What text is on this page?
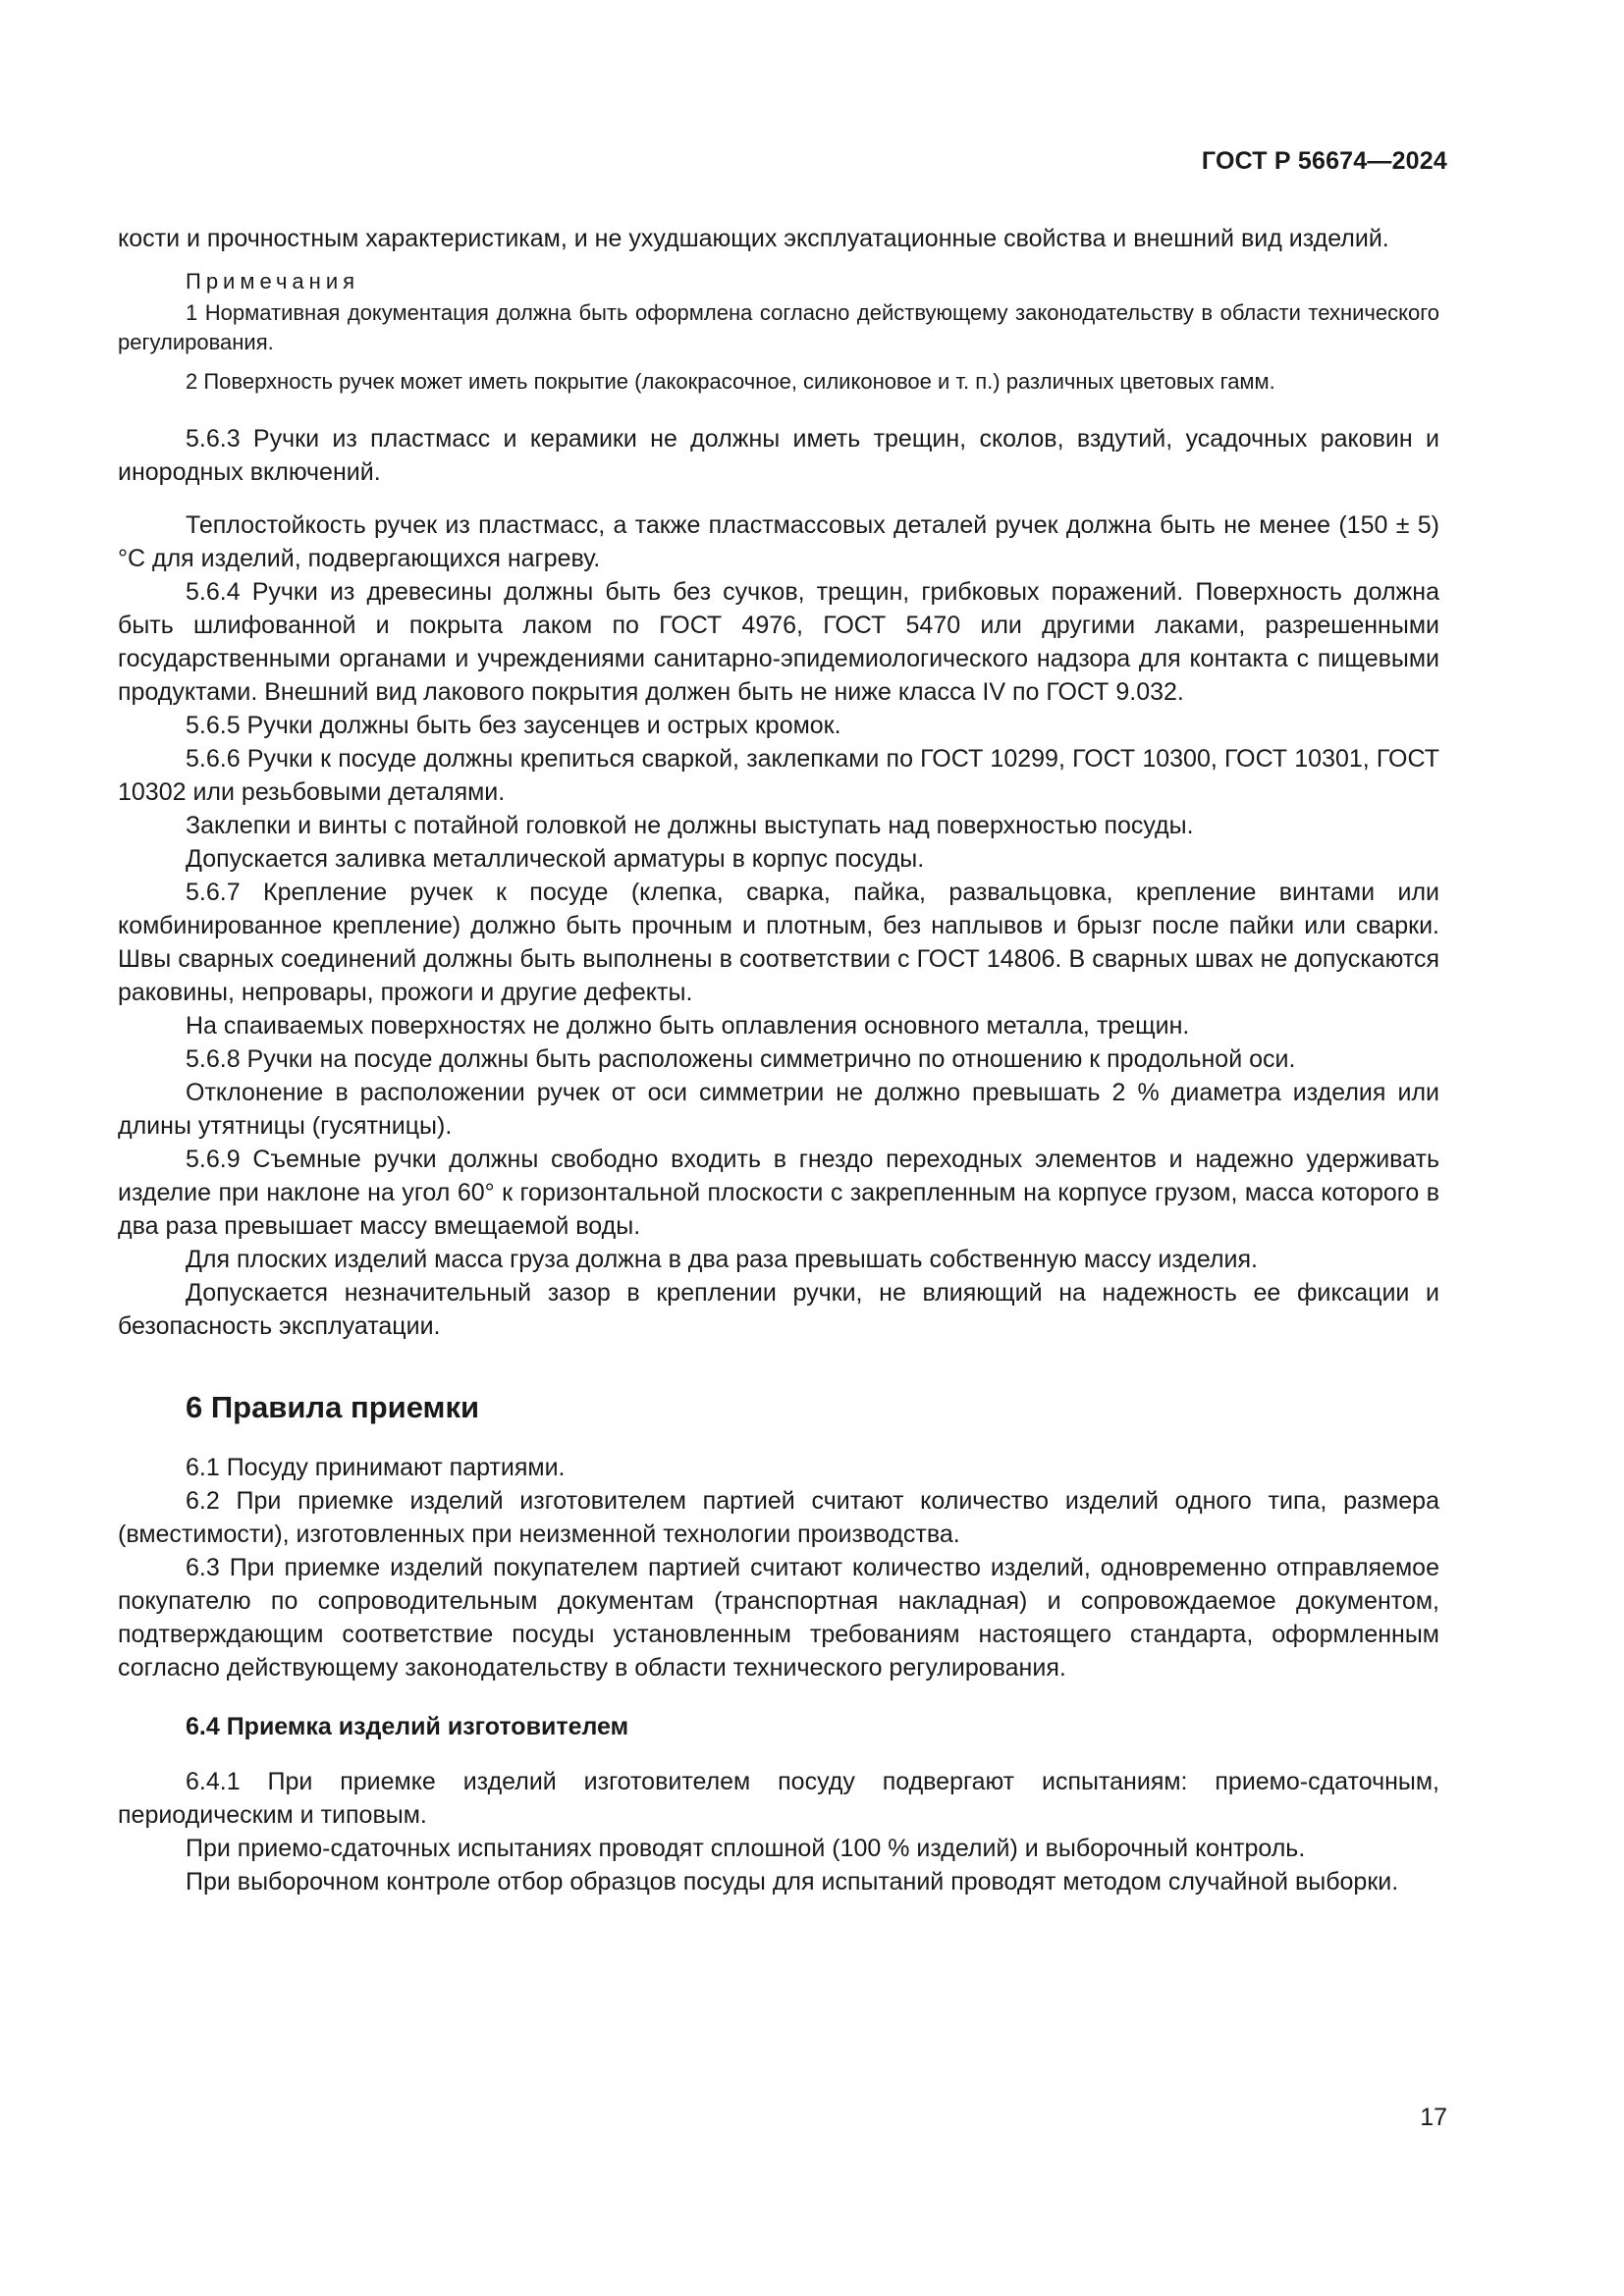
ГОСТ Р 56674—2024

кости и прочностным характеристикам, и не ухудшающих эксплуатационные свойства и внешний вид изделий.

Примечания

1 Нормативная документация должна быть оформлена согласно действующему законодательству в области технического регулирования.

2 Поверхность ручек может иметь покрытие (лакокрасочное, силиконовое и т. п.) различных цветовых гамм.

5.6.3 Ручки из пластмасс и керамики не должны иметь трещин, сколов, вздутий, усадочных раковин и инородных включений.

Теплостойкость ручек из пластмасс, а также пластмассовых деталей ручек должна быть не менее (150 ± 5) °С для изделий, подвергающихся нагреву.

5.6.4 Ручки из древесины должны быть без сучков, трещин, грибковых поражений. Поверхность должна быть шлифованной и покрыта лаком по ГОСТ 4976, ГОСТ 5470 или другими лаками, разрешенными государственными органами и учреждениями санитарно-эпидемиологического надзора для контакта с пищевыми продуктами. Внешний вид лакового покрытия должен быть не ниже класса IV по ГОСТ 9.032.

5.6.5 Ручки должны быть без заусенцев и острых кромок.

5.6.6 Ручки к посуде должны крепиться сваркой, заклепками по ГОСТ 10299, ГОСТ 10300, ГОСТ 10301, ГОСТ 10302 или резьбовыми деталями.

Заклепки и винты с потайной головкой не должны выступать над поверхностью посуды.

Допускается заливка металлической арматуры в корпус посуды.

5.6.7 Крепление ручек к посуде (клепка, сварка, пайка, развальцовка, крепление винтами или комбинированное крепление) должно быть прочным и плотным, без наплывов и брызг после пайки или сварки. Швы сварных соединений должны быть выполнены в соответствии с ГОСТ 14806. В сварных швах не допускаются раковины, непровары, прожоги и другие дефекты.

На спаиваемых поверхностях не должно быть оплавления основного металла, трещин.

5.6.8 Ручки на посуде должны быть расположены симметрично по отношению к продольной оси.

Отклонение в расположении ручек от оси симметрии не должно превышать 2 % диаметра изделия или длины утятницы (гусятницы).

5.6.9 Съемные ручки должны свободно входить в гнездо переходных элементов и надежно удерживать изделие при наклоне на угол 60° к горизонтальной плоскости с закрепленным на корпусе грузом, масса которого в два раза превышает массу вмещаемой воды.

Для плоских изделий масса груза должна в два раза превышать собственную массу изделия.

Допускается незначительный зазор в креплении ручки, не влияющий на надежность ее фиксации и безопасность эксплуатации.

6 Правила приемки

6.1 Посуду принимают партиями.

6.2 При приемке изделий изготовителем партией считают количество изделий одного типа, размера (вместимости), изготовленных при неизменной технологии производства.

6.3 При приемке изделий покупателем партией считают количество изделий, одновременно отправляемое покупателю по сопроводительным документам (транспортная накладная) и сопровождаемое документом, подтверждающим соответствие посуды установленным требованиям настоящего стандарта, оформленным согласно действующему законодательству в области технического регулирования.

6.4 Приемка изделий изготовителем

6.4.1 При приемке изделий изготовителем посуду подвергают испытаниям: приемо-сдаточным, периодическим и типовым.

При приемо-сдаточных испытаниях проводят сплошной (100 % изделий) и выборочный контроль.

При выборочном контроле отбор образцов посуды для испытаний проводят методом случайной выборки.

17
